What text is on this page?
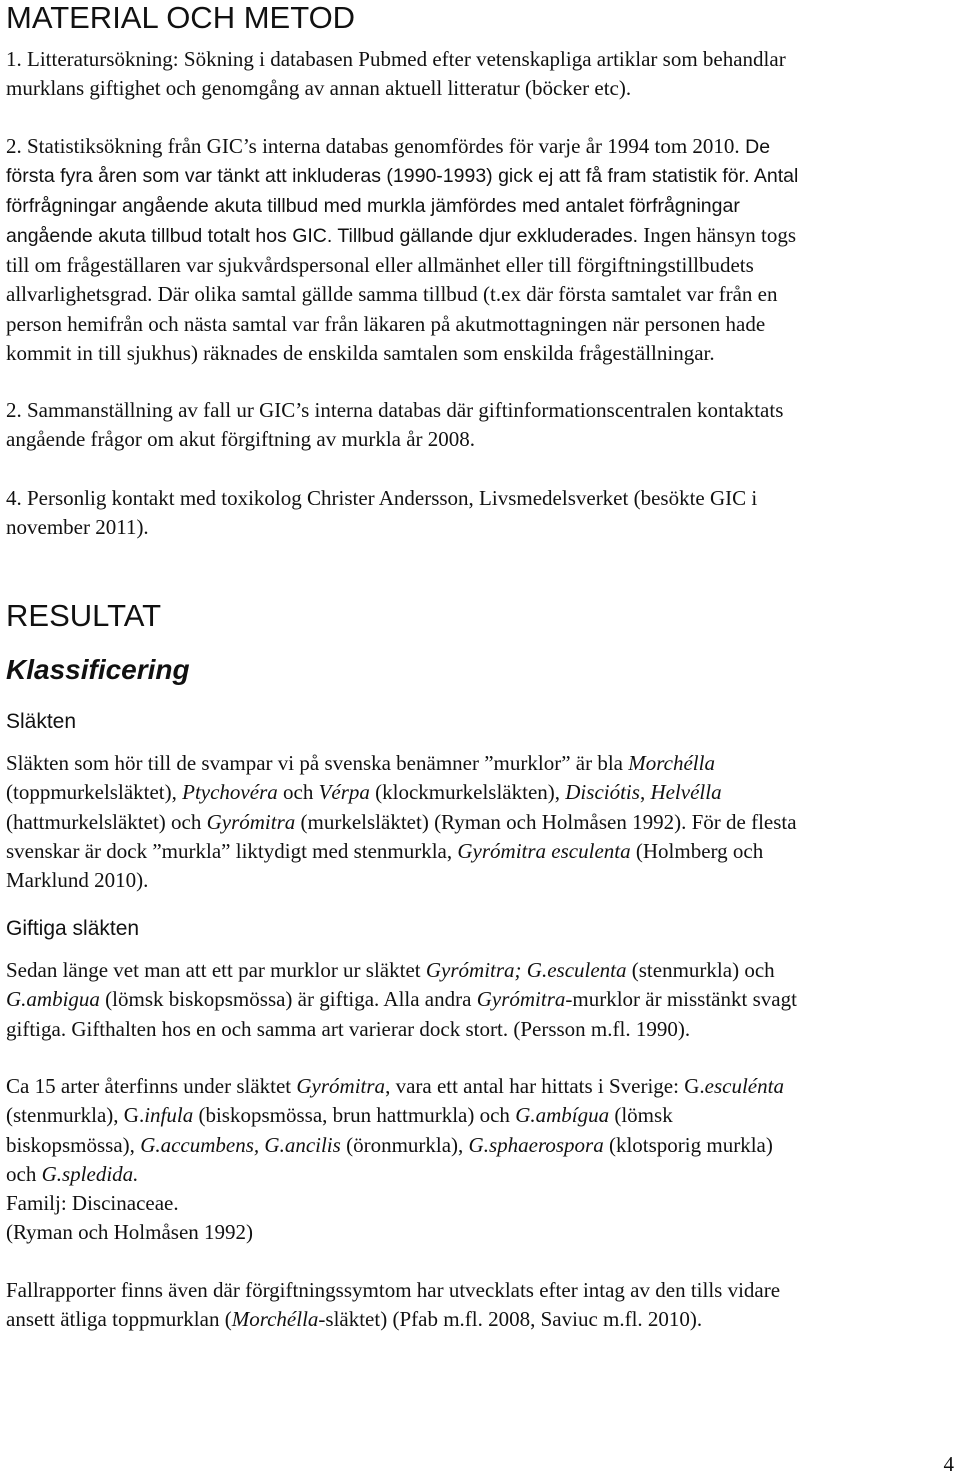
MATERIAL OCH METOD
1. Litteratursökning: Sökning i databasen Pubmed efter vetenskapliga artiklar som behandlar
murklans giftighet och genomgång av annan aktuell litteratur (böcker etc).
2. Statistiksökning från GIC’s interna databas genomfördes för varje år 1994 tom 2010. De
första fyra åren som var tänkt att inkluderas (1990-1993) gick ej att få fram statistik för. Antal
förfrågningar angående akuta tillbud med murkla jämfördes med antalet förfrågningar
angående akuta tillbud totalt hos GIC. Tillbud gällande djur exkluderades. Ingen hänsyn togs
till om frågeställaren var sjukvårdspersonal eller allmänhet eller till förgiftningstillbudets
allvarlighetsgrad. Där olika samtal gällde samma tillbud (t.ex där första samtalet var från en
person hemifrån och nästa samtal var från läkaren på akutmottagningen när personen hade
kommit in till sjukhus) räknades de enskilda samtalen som enskilda frågeställningar.
2. Sammanställning av fall ur GIC’s interna databas där giftinformationscentralen kontaktats
angående frågor om akut förgiftning av murkla år 2008.
4. Personlig kontakt med toxikolog Christer Andersson, Livsmedelsverket (besökte GIC i
november 2011).
RESULTAT
Klassificering
Släkten
Släkten som hör till de svampar vi på svenska benämner ”murklor” är bla Morchélla
(toppmurkelsläktet), Ptychovéra och Vérpa (klockmurkelsläkten), Disciótis, Helvélla
(hattmurkelsläktet) och Gyrómitra (murkelsläktet) (Ryman och Holmåsen 1992). För de flesta
svenskar är dock ”murkla” liktydigt med stenmurkla, Gyrómitra esculenta (Holmberg och
Marklund 2010).
Giftiga släkten
Sedan länge vet man att ett par murklor ur släktet Gyrómitra; G.esculenta (stenmurkla) och
G.ambigua (lömsk biskopsmössa) är giftiga. Alla andra Gyrómitra-murklor är misstänkt svagt
giftiga. Gifthalten hos en och samma art varierar dock stort. (Persson m.fl. 1990).
Ca 15 arter återfinns under släktet Gyrómitra, vara ett antal har hittats i Sverige: G.esculénta
(stenmurkla), G.infula (biskopsmössa, brun hattmurkla) och G.ambígua (lömsk
biskopsmössa), G.accumbens, G.ancilis (öronmurkla), G.sphaerospora (klotsporig murkla)
och G.spledida.
Familj: Discinaceae.
(Ryman och Holmåsen 1992)
Fallrapporter finns även där förgiftningssymtom har utvecklats efter intag av den tills vidare
ansett ätliga toppmurklan (Morchélla-släktet) (Pfab m.fl. 2008, Saviuc m.fl. 2010).
4
